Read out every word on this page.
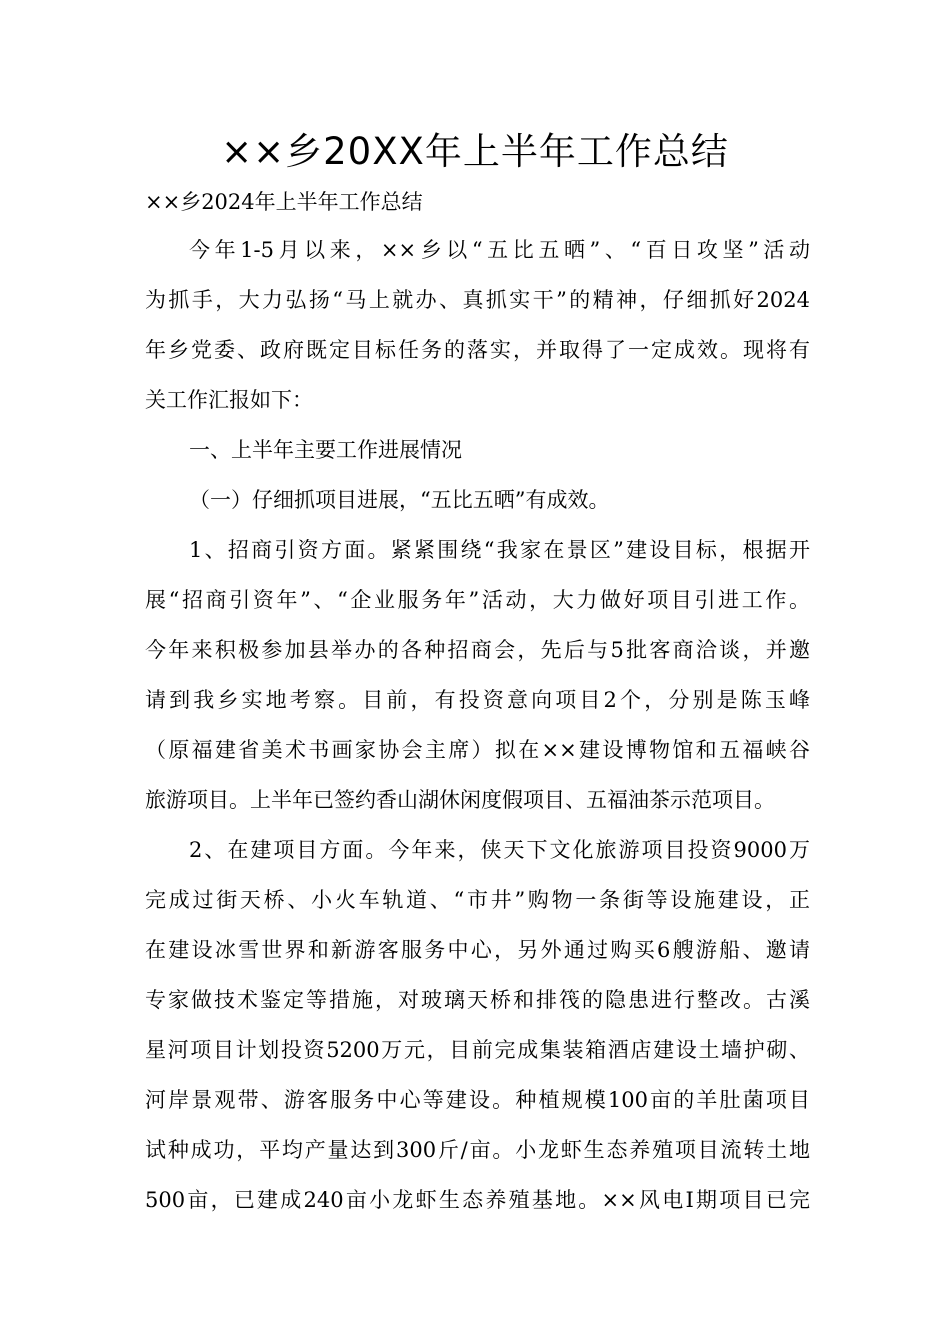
××乡20XX年上半年工作总结
××乡2024年上半年工作总结
今年1-5月以来，××乡以“五比五晒”、“百日攻坚”活动
为抓手，大力弘扬“马上就办、真抓实干”的精神，仔细抓好2024
年乡党委、政府既定目标任务的落实，并取得了一定成效。现将有
关工作汇报如下：
一、上半年主要工作进展情况
（一）仔细抓项目进展，“五比五晒”有成效。
1、招商引资方面。紧紧围绕“我家在景区”建设目标，根据开
展“招商引资年”、“企业服务年”活动，大力做好项目引进工作。
今年来积极参加县举办的各种招商会，先后与5批客商洽谈，并邀
请到我乡实地考察。目前，有投资意向项目2个，分别是陈玉峰
（原福建省美术书画家协会主席）拟在××建设博物馆和五福峡谷
旅游项目。上半年已签约香山湖休闲度假项目、五福油茶示范项目。
2、在建项目方面。今年来，侠天下文化旅游项目投资9000万
完成过街天桥、小火车轨道、“市井”购物一条街等设施建设，正
在建设冰雪世界和新游客服务中心，另外通过购买6艘游船、邀请
专家做技术鉴定等措施，对玻璃天桥和排筏的隐患进行整改。古溪
星河项目计划投资5200万元，目前完成集装箱酒店建设土墙护砌、
河岸景观带、游客服务中心等建设。种植规模100亩的羊肚菌项目
试种成功，平均产量达到300斤/亩。小龙虾生态养殖项目流转土地
500亩，已建成240亩小龙虾生态养殖基地。××风电Ⅰ期项目已完
